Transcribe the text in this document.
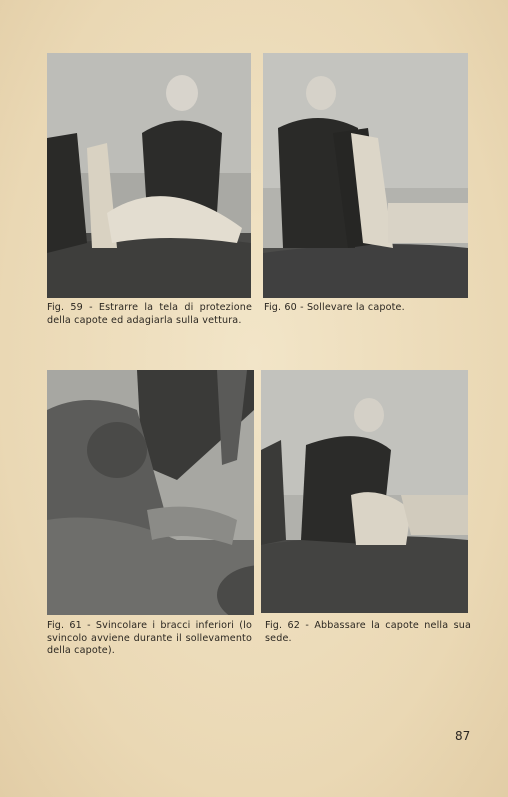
Fig. 59 - Estrarre la tela di protezione della capote ed adagiarla sulla vettura.
Fig. 60 - Sollevare la capote.
Fig. 61 - Svincolare i bracci inferiori (lo svincolo avviene durante il sollevamento della capote).
Fig. 62 - Abbassare la capote nella sua sede.
87
